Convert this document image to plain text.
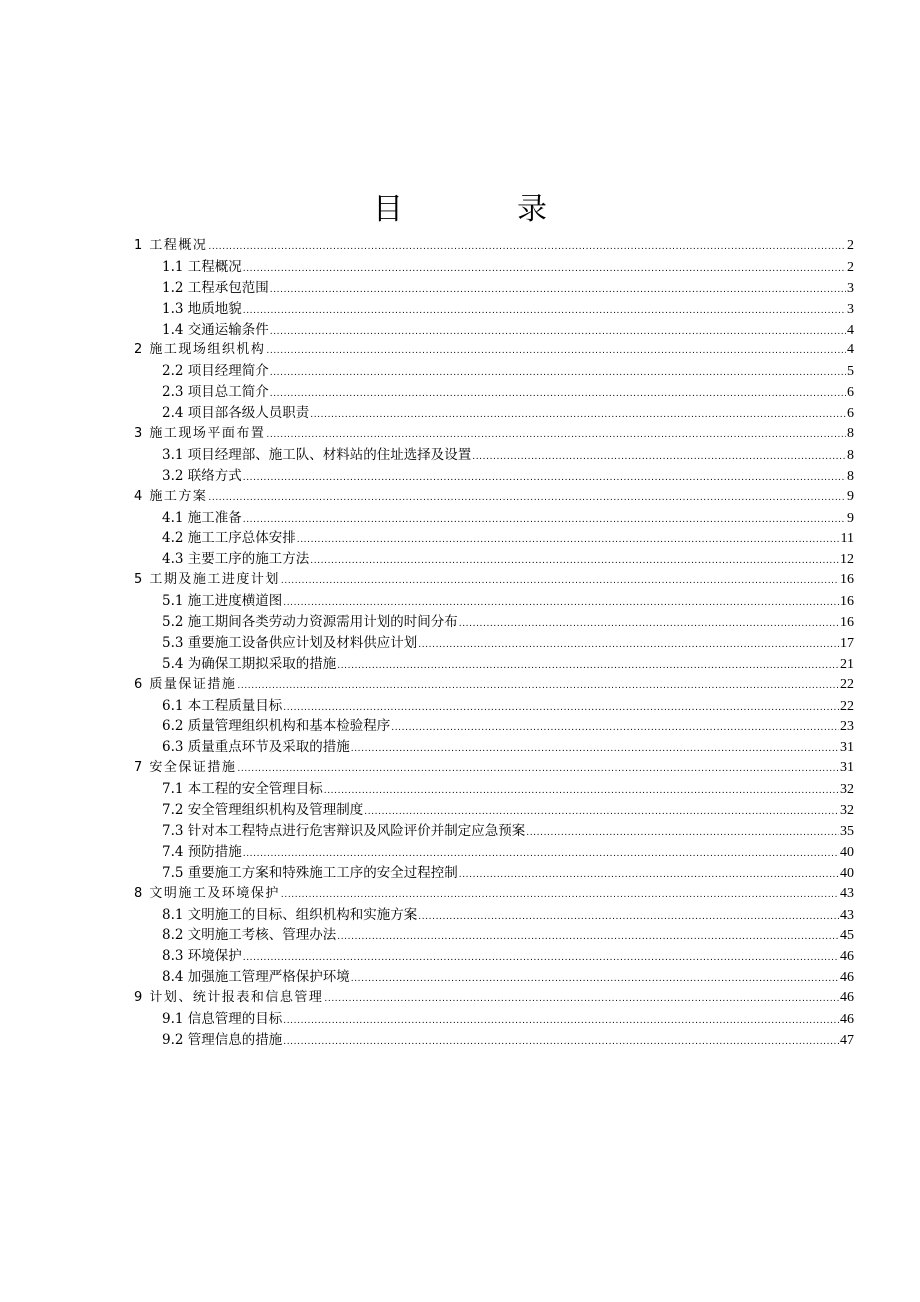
目　录
1 工程概况 .....	2
1.1 工程概况 .....	2
1.2 工程承包范围 .....	3
1.3 地质地貌 .....	3
1.4 交通运输条件 .....	4
2 施工现场组织机构 .....	4
2.2 项目经理简介 .....	5
2.3 项目总工简介 .....	6
2.4 项目部各级人员职责 .....	6
3 施工现场平面布置 .....	8
3.1 项目经理部、施工队、材料站的住址选择及设置 .....	8
3.2 联络方式 .....	8
4 施工方案 .....	9
4.1 施工准备 .....	9
4.2 施工工序总体安排 .....	11
4.3 主要工序的施工方法 .....	12
5 工期及施工进度计划 .....	16
5.1 施工进度横道图 .....	16
5.2 施工期间各类劳动力资源需用计划的时间分布 .....	16
5.3 重要施工设备供应计划及材料供应计划 .....	17
5.4 为确保工期拟采取的措施 .....	21
6 质量保证措施 .....	22
6.1 本工程质量目标 .....	22
6.2 质量管理组织机构和基本检验程序 .....	23
6.3 质量重点环节及采取的措施 .....	31
7 安全保证措施 .....	31
7.1 本工程的安全管理目标 .....	32
7.2 安全管理组织机构及管理制度 .....	32
7.3 针对本工程特点进行危害辩识及风险评价并制定应急预案 .....	35
7.4 预防措施 .....	40
7.5 重要施工方案和特殊施工工序的安全过程控制 .....	40
8 文明施工及环境保护 .....	43
8.1 文明施工的目标、组织机构和实施方案 .....	43
8.2 文明施工考核、管理办法 .....	45
8.3 环境保护 .....	46
8.4 加强施工管理严格保护环境 .....	46
9 计划、统计报表和信息管理 .....	46
9.1 信息管理的目标 .....	46
9.2 管理信息的措施 .....	47
